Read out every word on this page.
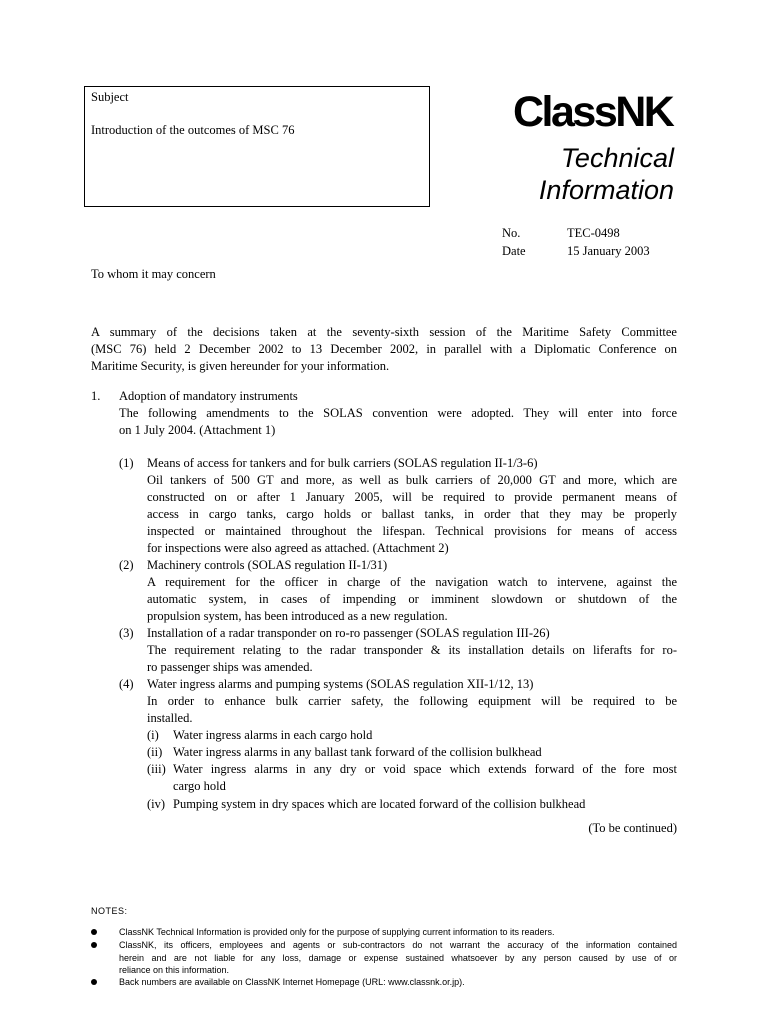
Subject
Introduction of the outcomes of MSC 76	ClassNK
Technical
Information
No.	TEC-0498
Date	15 January 2003
To whom it may concern
A summary of the decisions taken at the seventy-sixth session of the Maritime Safety Committee
(MSC 76) held 2 December 2002 to 13 December 2002, in parallel with a Diplomatic Conference on
Maritime Security, is given hereunder for your information.
1. Adoption of mandatory instruments
The following amendments to the SOLAS convention were adopted. They will enter into force
on 1 July 2004. (Attachment 1)
(1) Means of access for tankers and for bulk carriers (SOLAS regulation II-1/3-6)
Oil tankers of 500 GT and more, as well as bulk carriers of 20,000 GT and more, which are
constructed on or after 1 January 2005, will be required to provide permanent means of
access in cargo tanks, cargo holds or ballast tanks, in order that they may be properly
inspected or maintained throughout the lifespan. Technical provisions for means of access
for inspections were also agreed as attached. (Attachment 2)
(2) Machinery controls (SOLAS regulation II-1/31)
A requirement for the officer in charge of the navigation watch to intervene, against the
automatic system, in cases of impending or imminent slowdown or shutdown of the
propulsion system, has been introduced as a new regulation.
(3) Installation of a radar transponder on ro-ro passenger (SOLAS regulation III-26)
The requirement relating to the radar transponder & its installation details on liferafts for ro-
ro passenger ships was amended.
(4) Water ingress alarms and pumping systems (SOLAS regulation XII-1/12, 13)
In order to enhance bulk carrier safety, the following equipment will be required to be
installed.
(i) Water ingress alarms in each cargo hold
(ii) Water ingress alarms in any ballast tank forward of the collision bulkhead
(iii) Water ingress alarms in any dry or void space which extends forward of the fore most
cargo hold
(iv) Pumping system in dry spaces which are located forward of the collision bulkhead
(To be continued)
NOTES:
ClassNK Technical Information is provided only for the purpose of supplying current information to its readers.
ClassNK, its officers, employees and agents or sub-contractors do not warrant the accuracy of the information contained
herein and are not liable for any loss, damage or expense sustained whatsoever by any person caused by use of or
reliance on this information.
Back numbers are available on ClassNK Internet Homepage (URL: www.classnk.or.jp).
